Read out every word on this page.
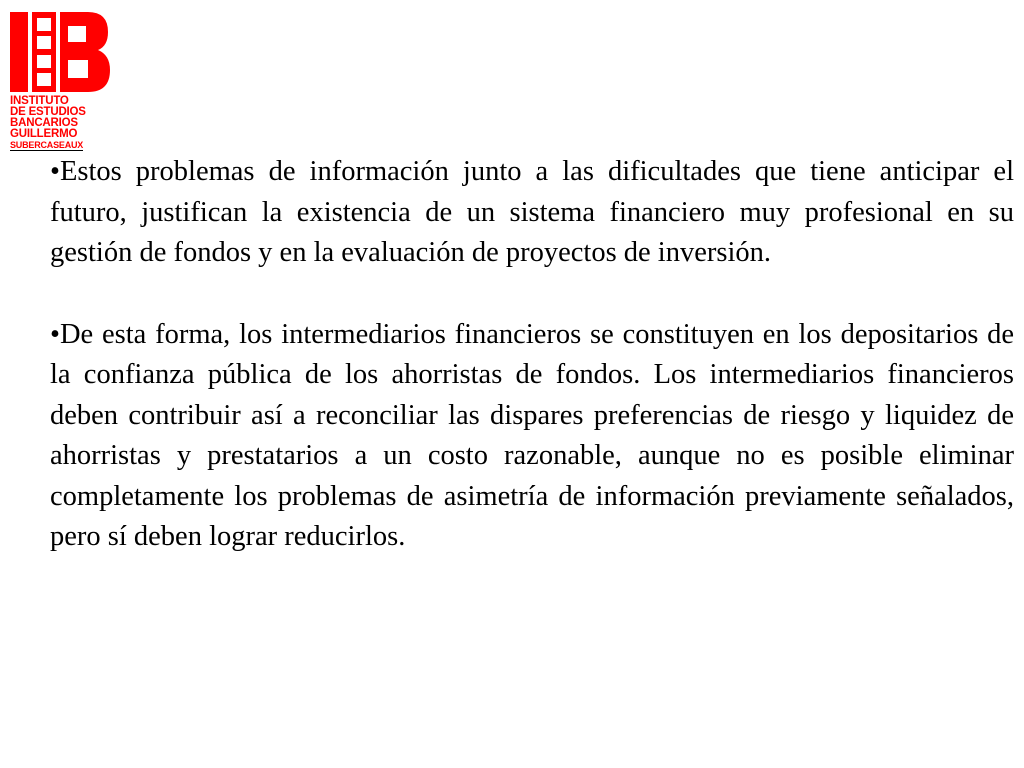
INSTITUTO
DE ESTUDIOS
BANCARIOS
GUILLERMO
SUBERCASEAUX

•Estos problemas de información junto a las dificultades que tiene anticipar el futuro, justifican la existencia de un sistema financiero muy profesional en su gestión de fondos y en la evaluación de proyectos de inversión.

•De esta forma, los intermediarios financieros se constituyen en los depositarios de la confianza pública de los ahorristas de fondos. Los intermediarios financieros deben contribuir así a reconciliar las dispares preferencias de riesgo y liquidez de ahorristas y prestatarios a un costo razonable, aunque no es posible eliminar completamente los problemas de asimetría de información previamente señalados, pero sí deben lograr reducirlos.
